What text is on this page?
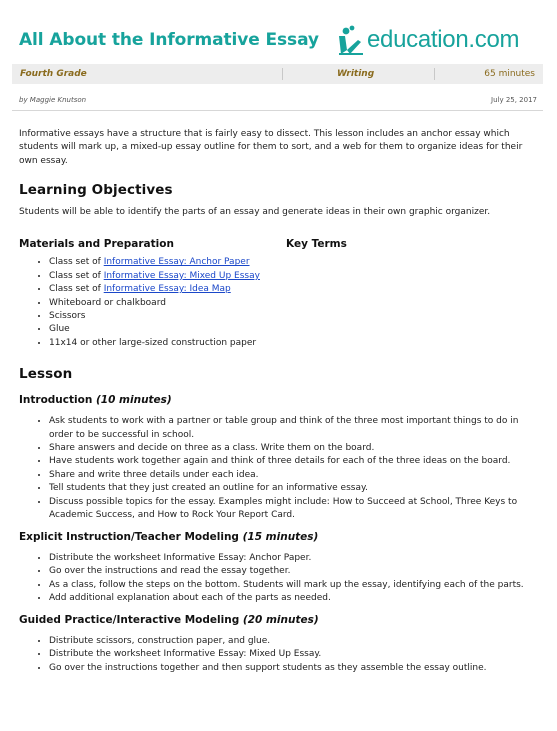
All About the Informative Essay education.com
Fourth Grade	Writing	65 minutes
by Maggie Knutson	July 25, 2017

Informative essays have a structure that is fairly easy to dissect. This lesson includes an anchor essay which students will mark up, a mixed-up essay outline for them to sort, and a web for them to organize ideas for their own essay.

Learning Objectives

Students will be able to identify the parts of an essay and generate ideas in their own graphic organizer.

Materials and Preparation	Key Terms
• Class set of Informative Essay: Anchor Paper
• Class set of Informative Essay: Mixed Up Essay
• Class set of Informative Essay: Idea Map
• Whiteboard or chalkboard
• Scissors
• Glue
• 11x14 or other large-sized construction paper
Lesson
Introduction (10 minutes)
• Ask students to work with a partner or table group and think of the three most important things to do in order to be successful in school.
• Share answers and decide on three as a class. Write them on the board.
• Have students work together again and think of three details for each of the three ideas on the board.
• Share and write three details under each idea.
• Tell students that they just created an outline for an informative essay.
• Discuss possible topics for the essay. Examples might include: How to Succeed at School, Three Keys to Academic Success, and How to Rock Your Report Card.
Explicit Instruction/Teacher Modeling (15 minutes)
• Distribute the worksheet Informative Essay: Anchor Paper.
• Go over the instructions and read the essay together.
• As a class, follow the steps on the bottom. Students will mark up the essay, identifying each of the parts.
• Add additional explanation about each of the parts as needed.
Guided Practice/Interactive Modeling (20 minutes)
• Distribute scissors, construction paper, and glue.
• Distribute the worksheet Informative Essay: Mixed Up Essay.
• Go over the instructions together and then support students as they assemble the essay outline.
